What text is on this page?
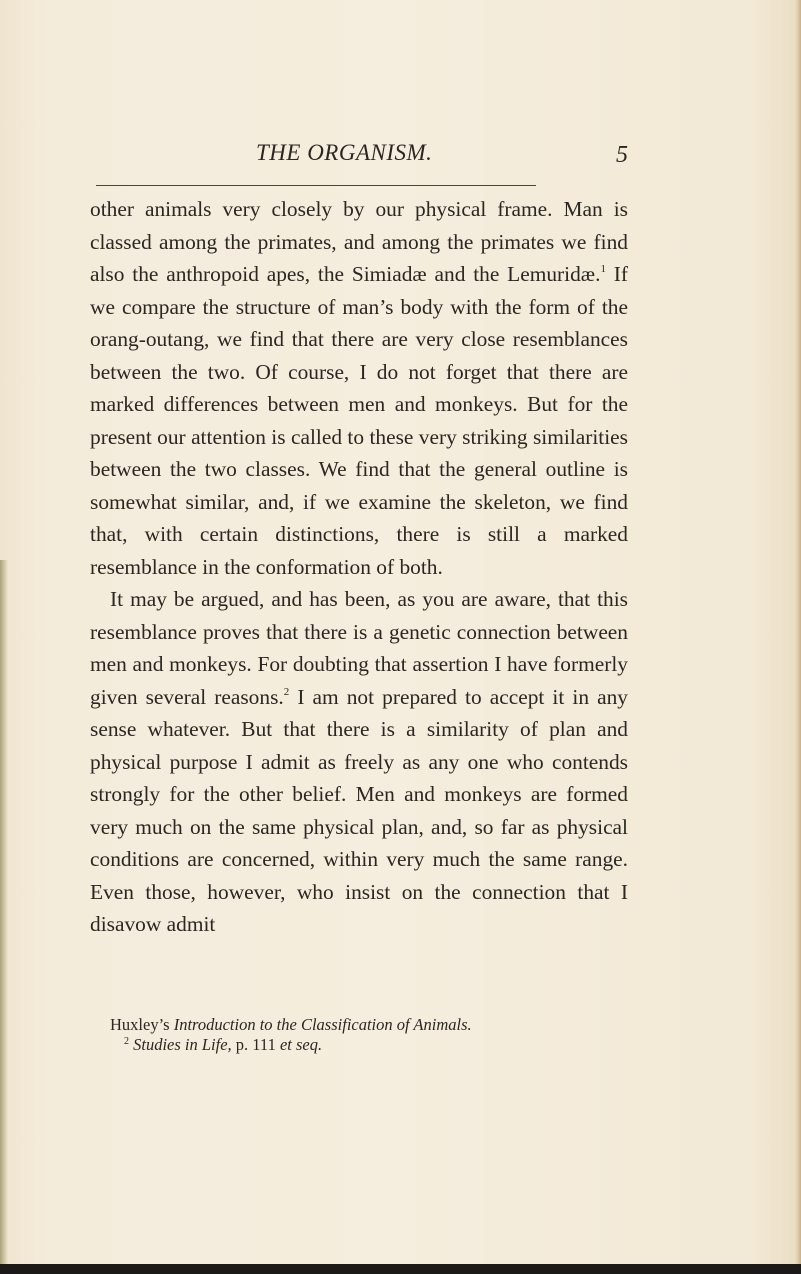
THE ORGANISM.	5

other animals very closely by our physical frame. Man is classed among the primates, and among the primates we find also the anthropoid apes, the Simiadæ and the Lemuridæ.$^1$ If we compare the structure of man’s body with the form of the orang-outang, we find that there are very close resemblances between the two. Of course, I do not forget that there are marked differences between men and monkeys. But for the present our attention is called to these very striking similarities between the two classes. We find that the general outline is somewhat similar, and, if we examine the skeleton, we find that, with certain distinctions, there is still a marked resemblance in the conformation of both.

It may be argued, and has been, as you are aware, that this resemblance proves that there is a genetic connection between men and monkeys. For doubting that assertion I have formerly given several reasons.$^2$ I am not prepared to accept it in any sense whatever. But that there is a similarity of plan and physical purpose I admit as freely as any one who contends strongly for the other belief. Men and monkeys are formed very much on the same physical plan, and, so far as physical conditions are concerned, within very much the same range. Even those, however, who insist on the connection that I disavow admit

Huxley’s Introduction to the Classification of Animals.
$^2$ Studies in Life, p. 111 et seq.
